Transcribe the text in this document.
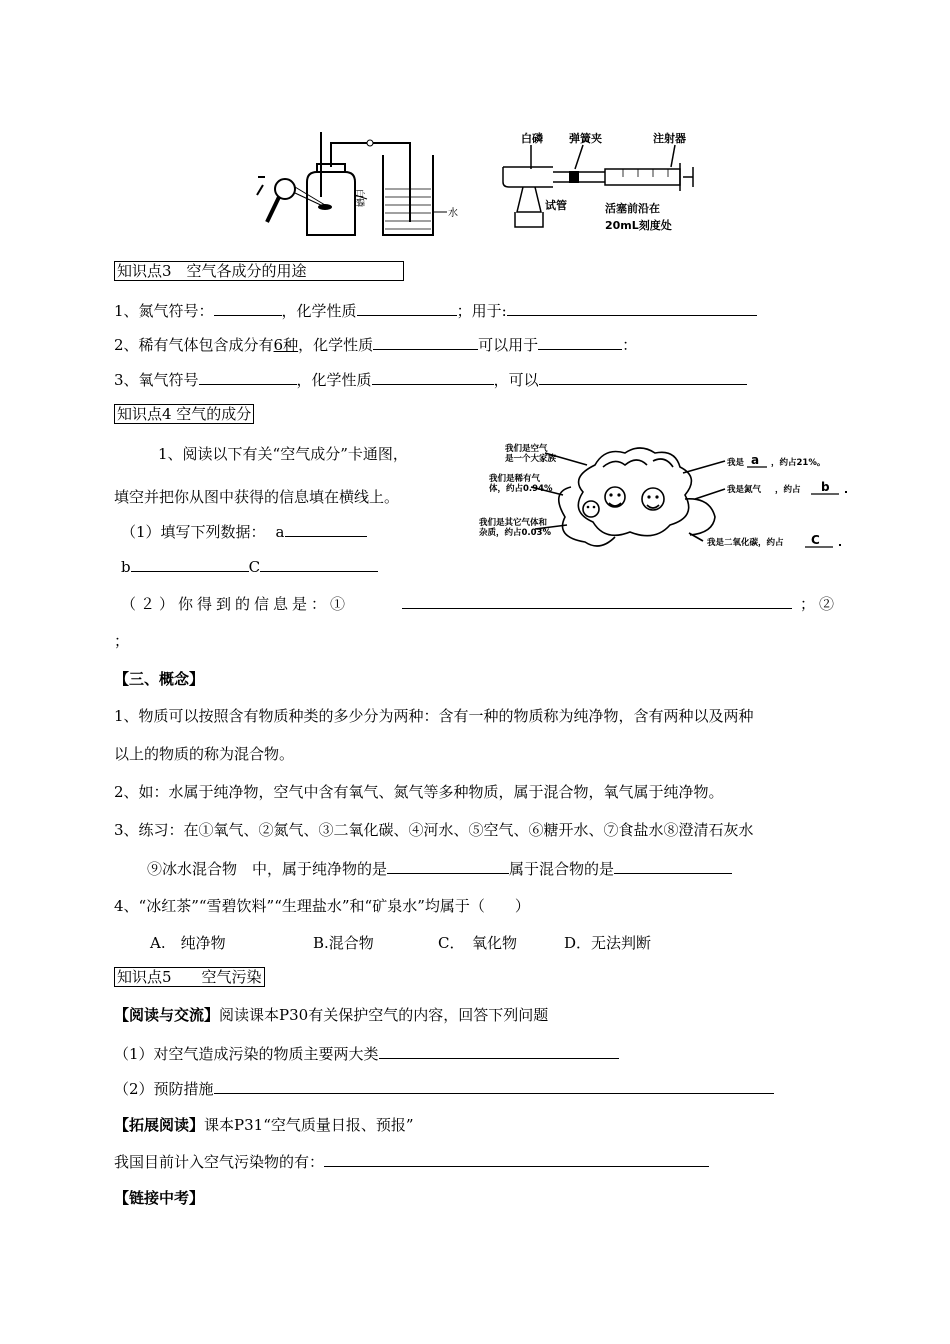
白磷
水
白磷 弹簧夹	注射器
试管	活塞前沿在
20mL刻度处
知识点3　空气各成分的用途
1、氮气符号：	，化学性质	；用于:
2、稀有气体包含成分有6种，化学性质	可以用于	：
3、氧气符号	，化学性质	，可以
知识点4 空气的成分
1、阅读以下有关“空气成分”卡通图，
填空并把你从图中获得的信息填在横线上。
我们是空气
是一个大家族
我们是稀有气
体，约占0.94%
我们是其它气体和
杂质，约占0.03%
我是 a ，约占21%。
我是氮气 ，约占 b
我是二氧化碳，约占 C
（1）填写下列数据： a
b	C
（２）你得到的信息是：①	；②
；
【三、概念】
1、物质可以按照含有物质种类的多少分为两种：含有一种的物质称为纯净物，含有两种以及两种
以上的物质的称为混合物。
2、如：水属于纯净物，空气中含有氧气、氮气等多种物质，属于混合物，氧气属于纯净物。
3、练习：在①氧气、②氮气、③二氧化碳、④河水、⑤空气、⑥糖开水、⑦食盐水⑧澄清石灰水
⑨冰水混合物　中，属于纯净物的是	属于混合物的是
4、“冰红茶”“雪碧饮料”“生理盐水”和“矿泉水”均属于（　　）
A.　纯净物	B.混合物	C．　氧化物	D．无法判断
知识点5　　空气污染
【阅读与交流】阅读课本P30有关保护空气的内容，回答下列问题
（1）对空气造成污染的物质主要两大类
（2）预防措施
【拓展阅读】课本P31“空气质量日报、预报”
我国目前计入空气污染物的有：
【链接中考】
